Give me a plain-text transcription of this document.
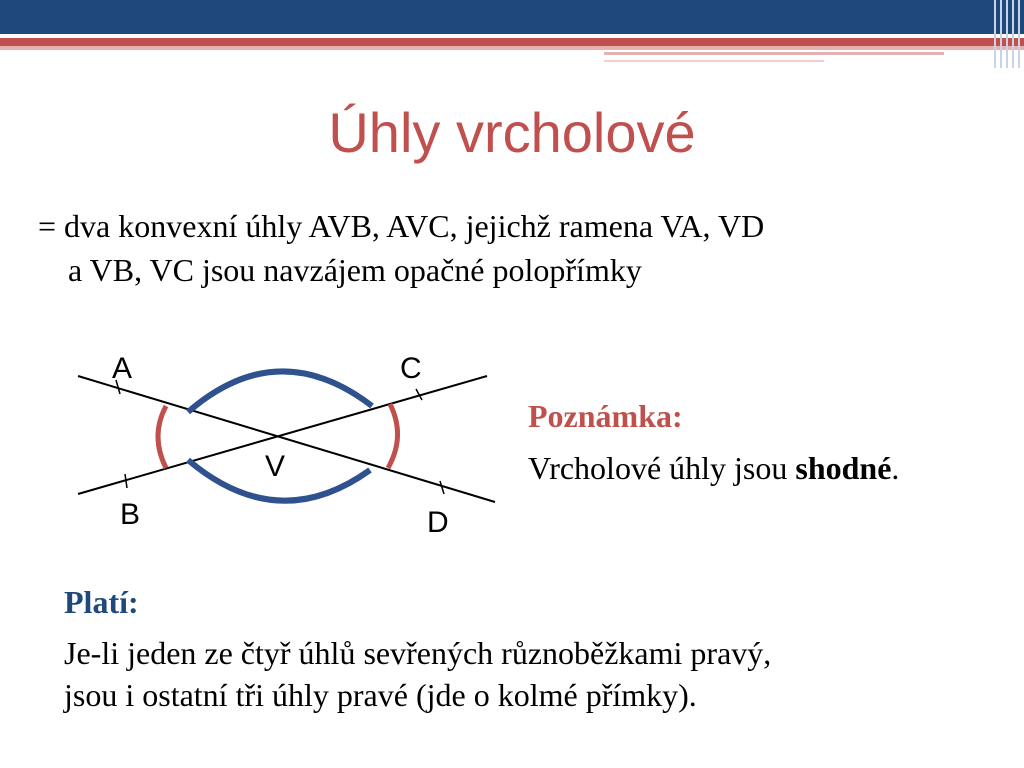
Úhly vrcholové
= dva konvexní úhly AVB, AVC, jejichž ramena VA, VD
a VB, VC jsou navzájem opačné polopřímky
A	C
V
B	D
Poznámka:
Vrcholové úhly jsou shodné.
Platí:
Je-li jeden ze čtyř úhlů sevřených různoběžkami pravý,
jsou i ostatní tři úhly pravé (jde o kolmé přímky).
